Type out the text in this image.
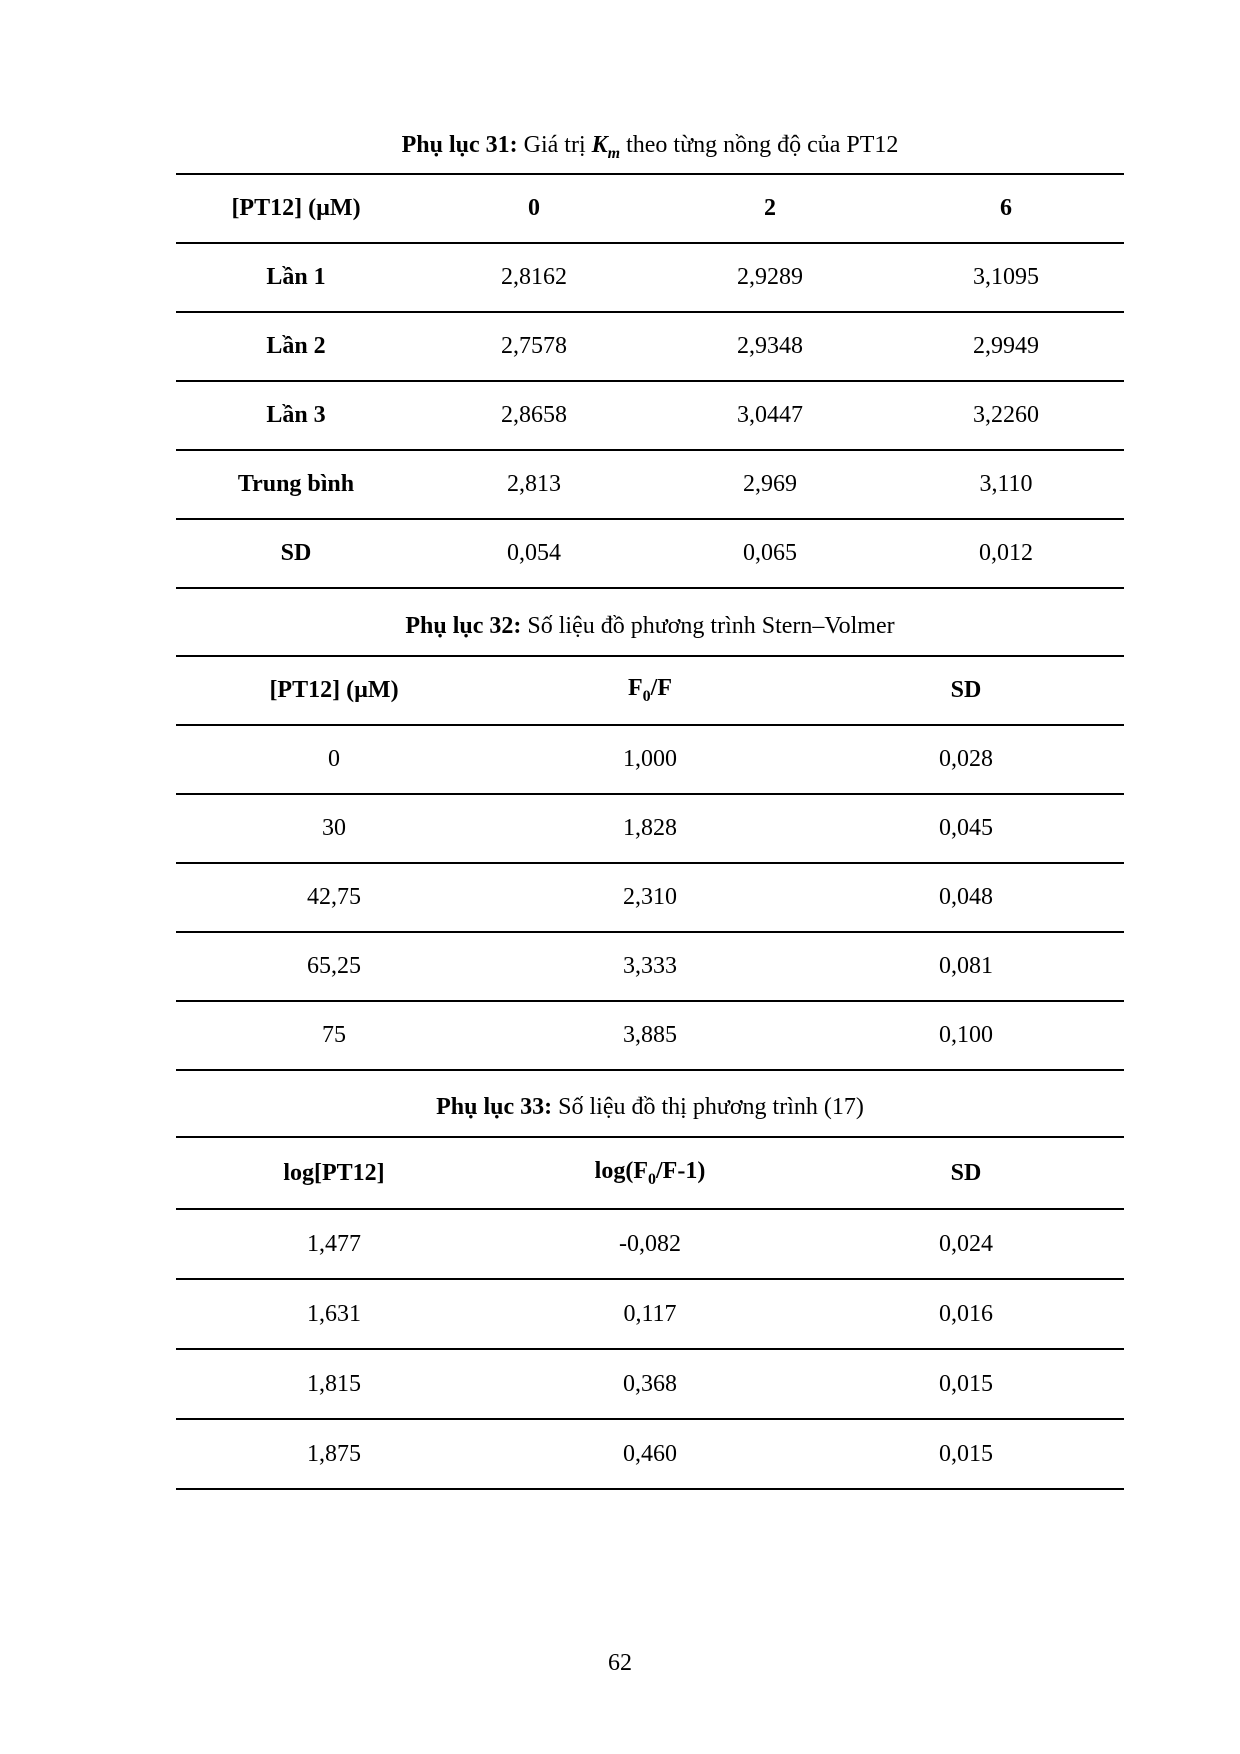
Phụ lục 31: Giá trị $K_m$ theo từng nồng độ của PT12
[PT12] (µM)	0	2	6
Lần 1	2,8162	2,9289	3,1095
Lần 2	2,7578	2,9348	2,9949
Lần 3	2,8658	3,0447	3,2260
Trung bình	2,813	2,969	3,110
SD	0,054	0,065	0,012
Phụ lục 32: Số liệu đồ phương trình Stern–Volmer
[PT12] (µM)	$F_0/F$	SD
0	1,000	0,028
30	1,828	0,045
42,75	2,310	0,048
65,25	3,333	0,081
75	3,885	0,100
Phụ lục 33: Số liệu đồ thị phương trình (17)
log[PT12]	$\log(F_0/F-1)$	SD
1,477	-0,082	0,024
1,631	0,117	0,016
1,815	0,368	0,015
1,875	0,460	0,015
62
